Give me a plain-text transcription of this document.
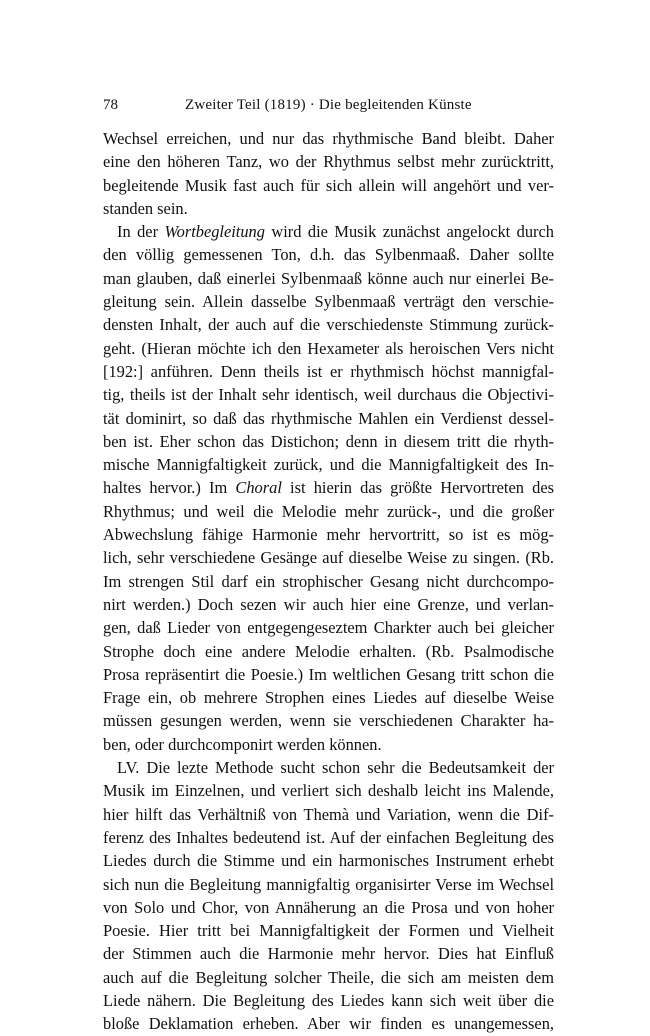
78	Zweiter Teil (1819) · Die begleitenden Künste
Wechsel erreichen, und nur das rhythmische Band bleibt. Daher
eine den höheren Tanz, wo der Rhythmus selbst mehr zurücktritt,
begleitende Musik fast auch für sich allein will angehört und ver-
standen sein.
In der Wortbegleitung wird die Musik zunächst angelockt durch
den völlig gemessenen Ton, d.h. das Sylbenmaaß. Daher sollte
man glauben, daß einerlei Sylbenmaaß könne auch nur einerlei Be-
gleitung sein. Allein dasselbe Sylbenmaaß verträgt den verschie-
densten Inhalt, der auch auf die verschiedenste Stimmung zurück-
geht. (Hieran möchte ich den Hexameter als heroischen Vers nicht
[192:] anführen. Denn theils ist er rhythmisch höchst mannigfal-
tig, theils ist der Inhalt sehr identisch, weil durchaus die Objectivi-
tät dominirt, so daß das rhythmische Mahlen ein Verdienst dessel-
ben ist. Eher schon das Distichon; denn in diesem tritt die rhyth-
mische Mannigfaltigkeit zurück, und die Mannigfaltigkeit des In-
haltes hervor.) Im Choral ist hierin das größte Hervortreten des
Rhythmus; und weil die Melodie mehr zurück-, und die großer
Abwechslung fähige Harmonie mehr hervortritt, so ist es mög-
lich, sehr verschiedene Gesänge auf dieselbe Weise zu singen. (Rb.
Im strengen Stil darf ein strophischer Gesang nicht durchcompo-
nirt werden.) Doch sezen wir auch hier eine Grenze, und verlan-
gen, daß Lieder von entgegengeseztem Charkter auch bei gleicher
Strophe doch eine andere Melodie erhalten. (Rb. Psalmodische
Prosa repräsentirt die Poesie.) Im weltlichen Gesang tritt schon die
Frage ein, ob mehrere Strophen eines Liedes auf dieselbe Weise
müssen gesungen werden, wenn sie verschiedenen Charakter ha-
ben, oder durchcomponirt werden können.
LV. Die lezte Methode sucht schon sehr die Bedeutsamkeit der
Musik im Einzelnen, und verliert sich deshalb leicht ins Malende,
hier hilft das Verhältniß von Themà und Variation, wenn die Dif-
ferenz des Inhaltes bedeutend ist. Auf der einfachen Begleitung des
Liedes durch die Stimme und ein harmonisches Instrument erhebt
sich nun die Begleitung mannigfaltig organisirter Verse im Wechsel
von Solo und Chor, von Annäherung an die Prosa und von hoher
Poesie. Hier tritt bei Mannigfaltigkeit der Formen und Vielheit
der Stimmen auch die Harmonie mehr hervor. Dies hat Einfluß
auch auf die Begleitung solcher Theile, die sich am meisten dem
Liede nähern. Die Begleitung des Liedes kann sich weit über die
bloße Deklamation erheben. Aber wir finden es unangemessen,
